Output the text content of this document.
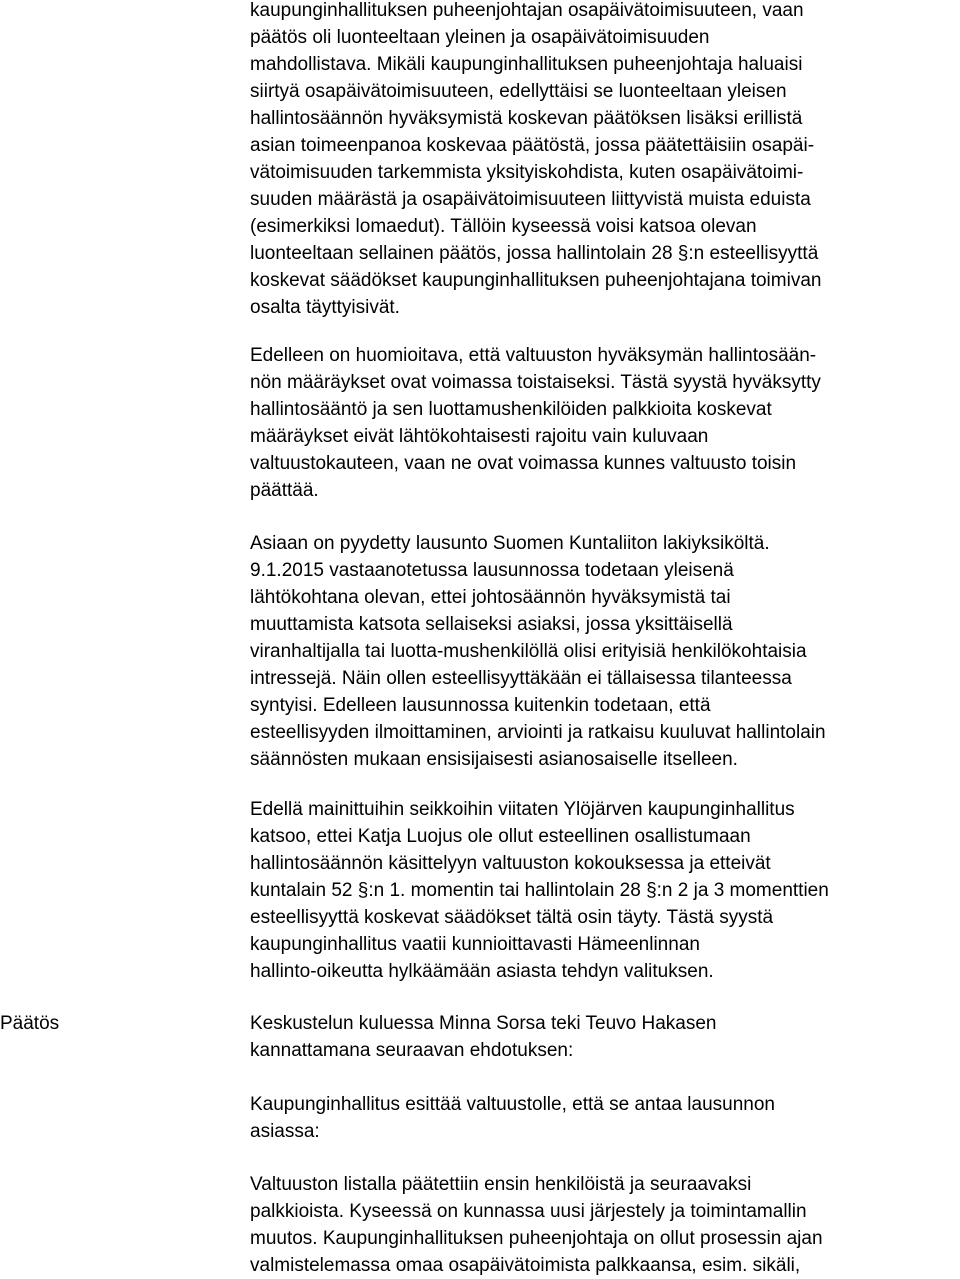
Päätös
kaupunginhallituksen puheenjohtajan osapäivätoimisuuteen, vaan
päätös oli luonteeltaan yleinen ja osapäivätoimisuuden
mahdollistava. Mikäli kaupunginhallituksen puheenjohtaja haluaisi
siirtyä osapäivätoimisuuteen, edellyttäisi se luonteeltaan yleisen
hallintosäännön hyväksymistä koskevan päätöksen lisäksi erillistä
asian toimeenpanoa koskevaa päätöstä, jossa päätettäisiin osapäi-
vätoimisuuden tarkemmista yksityiskohdista, kuten osapäivätoimi-
suuden määrästä ja osapäivätoimisuuteen liittyvistä muista eduista
(esimerkiksi lomaedut). Tällöin kyseessä voisi katsoa olevan
luonteeltaan sellainen päätös, jossa hallintolain 28 §:n esteellisyyttä
koskevat säädökset kaupunginhallituksen puheenjohtajana toimivan
osalta täyttyisivät.
Edelleen on huomioitava, että valtuuston hyväksymän hallintosään-
nön määräykset ovat voimassa toistaiseksi. Tästä syystä hyväksytty
hallintosääntö ja sen luottamushenkilöiden palkkioita koskevat
määräykset eivät lähtökohtaisesti rajoitu vain kuluvaan
valtuustokauteen, vaan ne ovat voimassa kunnes valtuusto toisin
päättää.
Asiaan on pyydetty lausunto Suomen Kuntaliiton lakiyksiköltä.
9.1.2015 vastaanotetussa lausunnossa todetaan yleisenä
lähtökohtana olevan, ettei johtosäännön hyväksymistä tai
muuttamista katsota sellaiseksi asiaksi, jossa yksittäisellä
viranhaltijalla tai luotta-mushenkilöllä olisi erityisiä henkilökohtaisia
intressejä. Näin ollen esteellisyyttäkään ei tällaisessa tilanteessa
syntyisi. Edelleen lausunnossa kuitenkin todetaan, että
esteellisyyden ilmoittaminen, arviointi ja ratkaisu kuuluvat hallintolain
säännösten mukaan ensisijaisesti asianosaiselle itselleen.
Edellä mainittuihin seikkoihin viitaten Ylöjärven kaupunginhallitus
katsoo, ettei Katja Luojus ole ollut esteellinen osallistumaan
hallintosäännön käsittelyyn valtuuston kokouksessa ja etteivät
kuntalain 52 §:n 1. momentin tai hallintolain 28 §:n 2 ja 3 momenttien
esteellisyyttä koskevat säädökset tältä osin täyty. Tästä syystä
kaupunginhallitus vaatii kunnioittavasti Hämeenlinnan
hallinto-oikeutta hylkäämään asiasta tehdyn valituksen.
Keskustelun kuluessa Minna Sorsa teki Teuvo Hakasen
kannattamana seuraavan ehdotuksen:
Kaupunginhallitus esittää valtuustolle, että se antaa lausunnon
asiassa:
Valtuuston listalla päätettiin ensin henkilöistä ja seuraavaksi
palkkioista. Kyseessä on kunnassa uusi järjestely ja toimintamallin
muutos. Kaupunginhallituksen puheenjohtaja on ollut prosessin ajan
valmistelemassa omaa osapäivätoimista palkkaansa, esim. sikäli,
